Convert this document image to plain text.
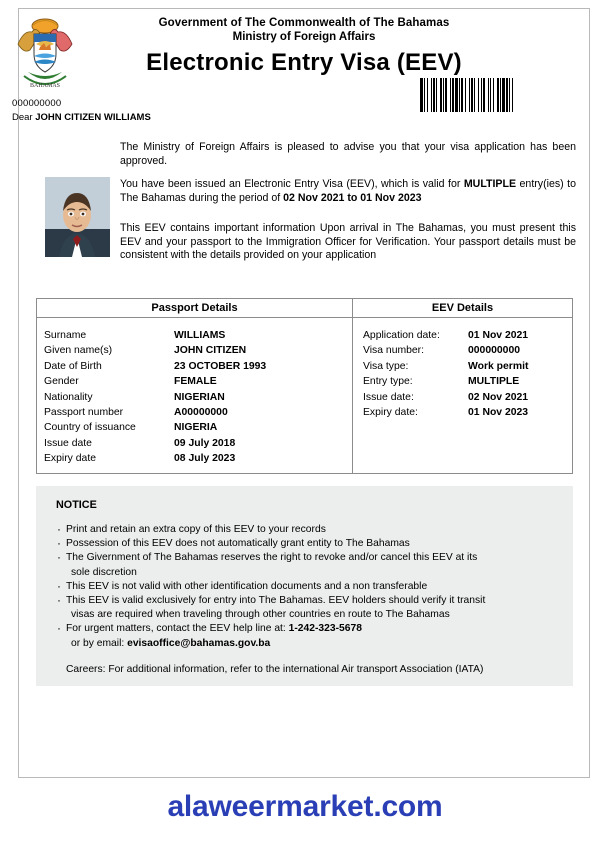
Government of The Commonwealth of The Bahamas
Ministry of Foreign Affairs
Electronic Entry Visa (EEV)
BAHAMAS
000000000
Dear JOHN CITIZEN WILLIAMS
The Ministry of Foreign Affairs is pleased to advise you that your visa application has been approved.
You have been issued an Electronic Entry Visa (EEV), which is valid for MULTIPLE entry(ies) to The Bahamas during the period of 02 Nov 2021 to 01 Nov 2023
This EEV contains important information Upon arrival in The Bahamas, you must present this EEV and your passport to the Immigration Officer for Verification. Your passport details must be consistent with the details provided on your application
Passport Details
Surname	WILLIAMS
Given name(s)	JOHN CITIZEN
Date of Birth	23 OCTOBER 1993
Gender	FEMALE
Nationality	NIGERIAN
Passport number	A00000000
Country of issuance	NIGERIA
Issue date	09 July 2018
Expiry date	08 July 2023
EEV Details
Application date:	01 Nov 2021
Visa number:	000000000
Visa type:	Work permit
Entry type:	MULTIPLE
Issue date:	02 Nov 2021
Expiry date:	01 Nov 2023
NOTICE
· Print and retain an extra copy of this EEV to your records
· Possession of this EEV does not automatically grant entity to The Bahamas
· The Givernment of The Bahamas reserves the right to revoke and/or cancel this EEV at its
sole discretion
· This EEV is not valid with other identification documents and a non transferable
· This EEV is valid exclusively for entry into The Bahamas. EEV holders should verify it transit
visas are required when traveling through other countries en route to The Bahamas
· For urgent matters, contact the EEV help line at: 1-242-323-5678
or by email: evisaoffice@bahamas.gov.ba
Careers: For additional information, refer to the international Air transport Association (IATA)
alaweermarket.com
